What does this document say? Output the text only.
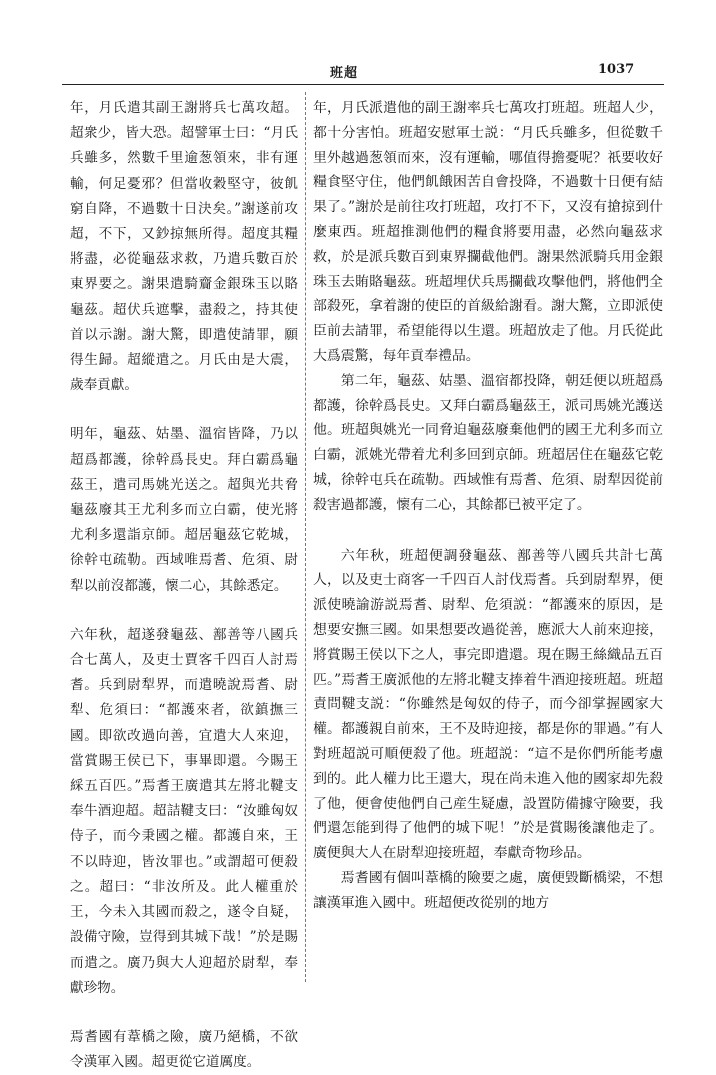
班超	1037

年，月氏遣其副王謝將兵七萬攻超。超衆少，皆大恐。超譬軍士曰：“月氏兵雖多，然數千里逾葱領來，非有運輸，何足憂邪？但當收穀堅守，彼飢窮自降，不過數十日決矣。”謝遂前攻超，不下，又鈔掠無所得。超度其糧將盡，必從龜茲求救，乃遣兵數百於東界要之。謝果遣騎齎金銀珠玉以賂龜茲。超伏兵遮擊，盡殺之，持其使首以示謝。謝大驚，即遣使請罪，願得生歸。超縱遣之。月氏由是大震，歲奉貢獻。

明年，龜茲、姑墨、溫宿皆降，乃以超爲都護，徐幹爲長史。拜白霸爲龜茲王，遣司馬姚光送之。超與光共脅龜茲廢其王尤利多而立白霸，使光將尤利多還詣京師。超居龜茲它乾城，徐幹屯疏勒。西域唯焉耆、危須、尉犁以前沒都護，懷二心，其餘悉定。

六年秋，超遂發龜茲、鄯善等八國兵合七萬人，及吏士賈客千四百人討焉耆。兵到尉犁界，而遣曉說焉耆、尉犁、危須曰：“都護來者，欲鎮撫三國。即欲改過向善，宜遣大人來迎，當賞賜王侯已下，事畢即還。今賜王綵五百匹。”焉耆王廣遣其左將北鞬支奉牛酒迎超。超詰鞬支曰：“汝雖匈奴侍子，而今秉國之權。都護自來，王不以時迎，皆汝罪也。”或謂超可便殺之。超曰：“非汝所及。此人權重於王，今未入其國而殺之，遂令自疑，設備守險，豈得到其城下哉！”於是賜而遣之。廣乃與大人迎超於尉犁，奉獻珍物。

焉耆國有葦橋之險，廣乃絕橋，不欲令漢軍入國。超更從它道厲度。

年，月氏派遣他的副王謝率兵七萬攻打班超。班超人少，都十分害怕。班超安慰軍士説：“月氏兵雖多，但從數千里外越過葱領而來，沒有運輸，哪值得擔憂呢？祇要收好糧食堅守住，他們飢餓困苦自會投降，不過數十日便有結果了。”謝於是前往攻打班超，攻打不下，又沒有搶掠到什麼東西。班超推測他們的糧食將要用盡，必然向龜茲求救，於是派兵數百到東界攔截他們。謝果然派騎兵用金銀珠玉去賄賂龜茲。班超埋伏兵馬攔截攻擊他們，將他們全部殺死，拿着謝的使臣的首級給謝看。謝大驚，立即派使臣前去請罪，希望能得以生還。班超放走了他。月氏從此大爲震驚，每年貢奉禮品。

第二年，龜茲、姑墨、溫宿都投降，朝廷便以班超爲都護，徐幹爲長史。又拜白霸爲龜茲王，派司馬姚光護送他。班超與姚光一同脅迫龜茲廢棄他們的國王尤利多而立白霸，派姚光帶着尤利多回到京師。班超居住在龜茲它乾城，徐幹屯兵在疏勒。西域惟有焉耆、危須、尉犁因從前殺害過都護，懷有二心，其餘都已被平定了。

六年秋，班超便調發龜茲、鄯善等八國兵共計七萬人，以及吏士商客一千四百人討伐焉耆。兵到尉犁界，便派使曉諭游説焉耆、尉犁、危須説：“都護來的原因，是想要安撫三國。如果想要改過從善，應派大人前來迎接，將賞賜王侯以下之人，事完即遣還。現在賜王絲織品五百匹。”焉耆王廣派他的左將北鞬支捧着牛酒迎接班超。班超責問鞬支説：“你雖然是匈奴的侍子，而今卻掌握國家大權。都護親自前來，王不及時迎接，都是你的罪過。”有人對班超説可順便殺了他。班超説：“這不是你們所能考慮到的。此人權力比王還大，現在尚未進入他的國家却先殺了他，便會使他們自己産生疑慮，設置防備據守險要，我們還怎能到得了他們的城下呢！”於是賞賜後讓他走了。廣便與大人在尉犁迎接班超，奉獻奇物珍品。

焉耆國有個叫葦橋的險要之處，廣便毀斷橋梁，不想讓漢軍進入國中。班超便改從别的地方
